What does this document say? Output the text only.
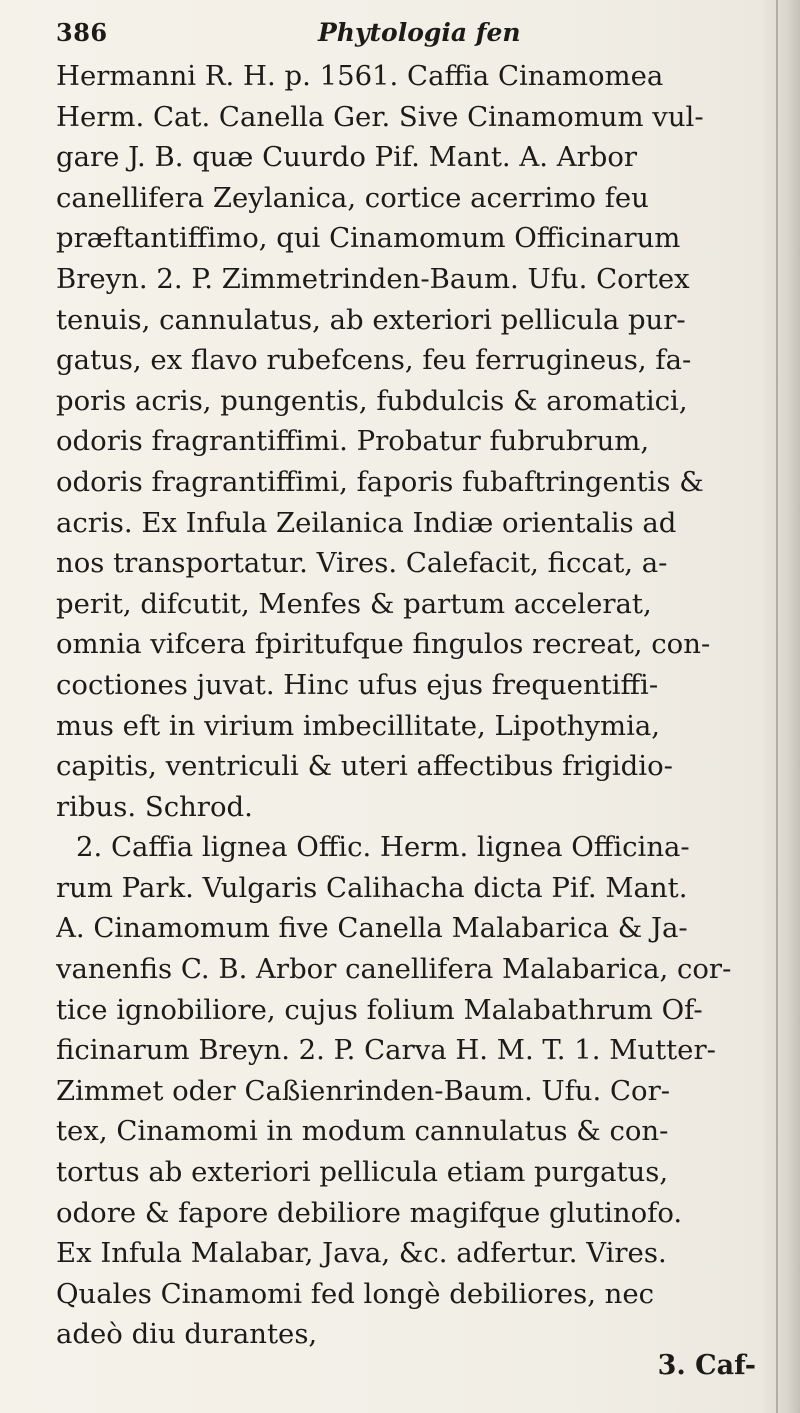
386	Phytologia fen
Hermanni R. H. p. 1561. Caffia Cinamomea
Herm. Cat. Canella Ger. Sive Cinamomum vul-
gare J. B. quæ Cuurdo Pif. Mant. A. Arbor
canellifera Zeylanica, cortice acerrimo feu
præftantiffimo, qui Cinamomum Officinarum
Breyn. 2. P. Zimmetrinden-Baum. Ufu. Cortex
tenuis, cannulatus, ab exteriori pellicula pur-
gatus, ex flavo rubefcens, feu ferrugineus, fa-
poris acris, pungentis, fubdulcis & aromatici,
odoris fragrantiffimi. Probatur fubrubrum,
odoris fragrantiffimi, faporis fubaftringentis &
acris. Ex Infula Zeilanica Indiæ orientalis ad
nos transportatur. Vires. Calefacit, ficcat, a-
perit, difcutit, Menfes & partum accelerat,
omnia vifcera fpiritufque fingulos recreat, con-
coctiones juvat. Hinc ufus ejus frequentiffi-
mus eft in virium imbecillitate, Lipothymia,
capitis, ventriculi & uteri affectibus frigidio-
ribus. Schrod.
2. Caffia lignea Offic. Herm. lignea Officina-
rum Park. Vulgaris Calihacha dicta Pif. Mant.
A. Cinamomum five Canella Malabarica & Ja-
vanenfis C. B. Arbor canellifera Malabarica, cor-
tice ignobiliore, cujus folium Malabathrum Of-
ficinarum Breyn. 2. P. Carva H. M. T. 1. Mutter-
Zimmet oder Caßienrinden-Baum. Ufu. Cor-
tex, Cinamomi in modum cannulatus & con-
tortus ab exteriori pellicula etiam purgatus,
odore & fapore debiliore magifque glutinofo.
Ex Infula Malabar, Java, &c. adfertur. Vires.
Quales Cinamomi fed longè debiliores, nec
adeò diu durantes,
3. Caf-
